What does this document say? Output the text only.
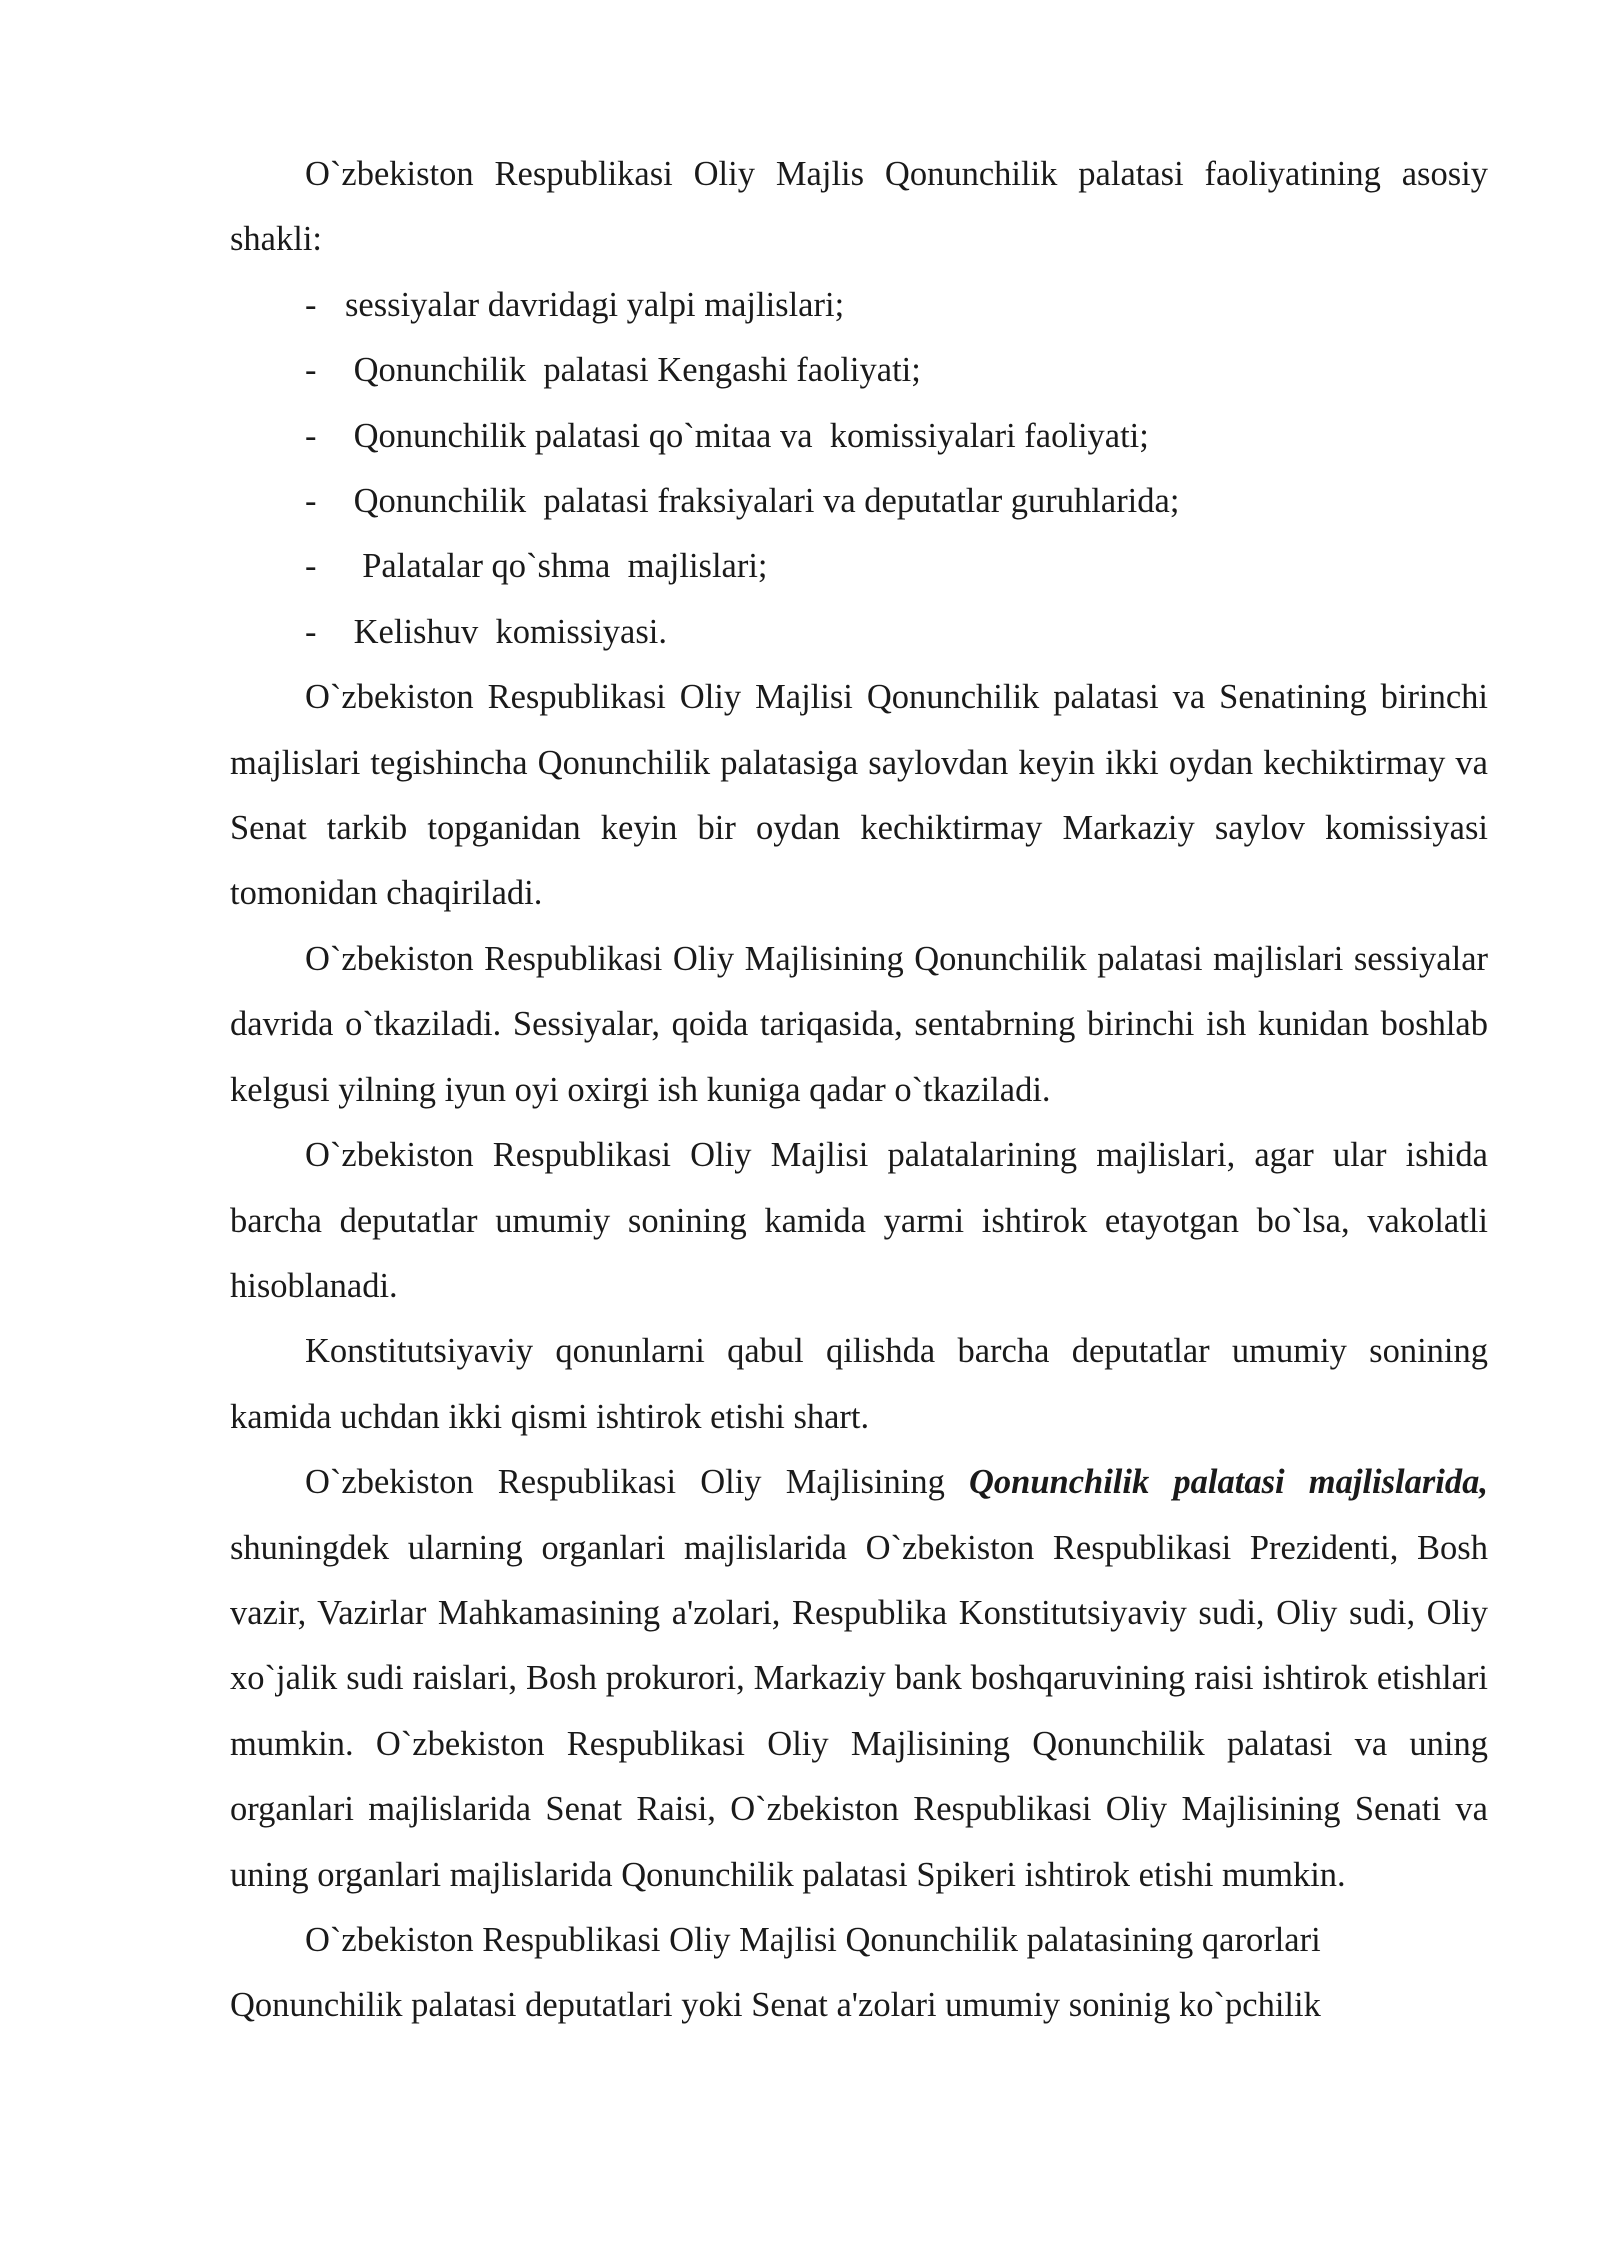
O`zbekiston Respublikasi Oliy Majlis Qonunchilik palatasi faoliyatining asosiy shakli:

- sessiyalar davridagi yalpi majlislari;

- Qonunchilik  palatasi Kengashi faoliyati;

- Qonunchilik palatasi qo`mitaa va  komissiyalari faoliyati;

- Qonunchilik  palatasi fraksiyalari va deputatlar guruhlarida;

-  Palatalar qo`shma  majlislari;

- Kelishuv  komissiyasi.

O`zbekiston Respublikasi Oliy Majlisi Qonunchilik palatasi va Senatining birinchi majlislari tegishincha Qonunchilik palatasiga saylovdan keyin ikki oydan kechiktirmay va Senat tarkib topganidan keyin bir oydan kechiktirmay Markaziy saylov komissiyasi tomonidan chaqiriladi.

O`zbekiston Respublikasi Oliy Majlisining Qonunchilik palatasi majlislari sessiyalar davrida o`tkaziladi. Sessiyalar, qoida tariqasida, sentabrning birinchi ish kunidan boshlab kelgusi yilning iyun oyi oxirgi ish kuniga qadar o`tkaziladi.

O`zbekiston Respublikasi Oliy Majlisi palatalarining majlislari, agar ular ishida barcha deputatlar umumiy sonining kamida yarmi ishtirok etayotgan bo`lsa, vakolatli hisoblanadi.

Konstitutsiyaviy qonunlarni qabul qilishda barcha deputatlar umumiy sonining kamida uchdan ikki qismi ishtirok etishi shart.

O`zbekiston Respublikasi Oliy Majlisining Qonunchilik palatasi majlislarida, shuningdek ularning organlari majlislarida O`zbekiston Respublikasi Prezidenti, Bosh vazir, Vazirlar Mahkamasining a'zolari, Respublika Konstitutsiyaviy sudi, Oliy sudi, Oliy xo`jalik sudi raislari, Bosh prokurori, Markaziy bank boshqaruvining raisi ishtirok etishlari mumkin. O`zbekiston Respublikasi Oliy Majlisining Qonunchilik palatasi va uning organlari majlislarida Senat Raisi, O`zbekiston Respublikasi Oliy Majlisining Senati va uning organlari majlislarida Qonunchilik palatasi Spikeri ishtirok etishi mumkin.

O`zbekiston Respublikasi Oliy Majlisi Qonunchilik palatasining qarorlari Qonunchilik palatasi deputatlari yoki Senat a'zolari umumiy soninig ko`pchilik
